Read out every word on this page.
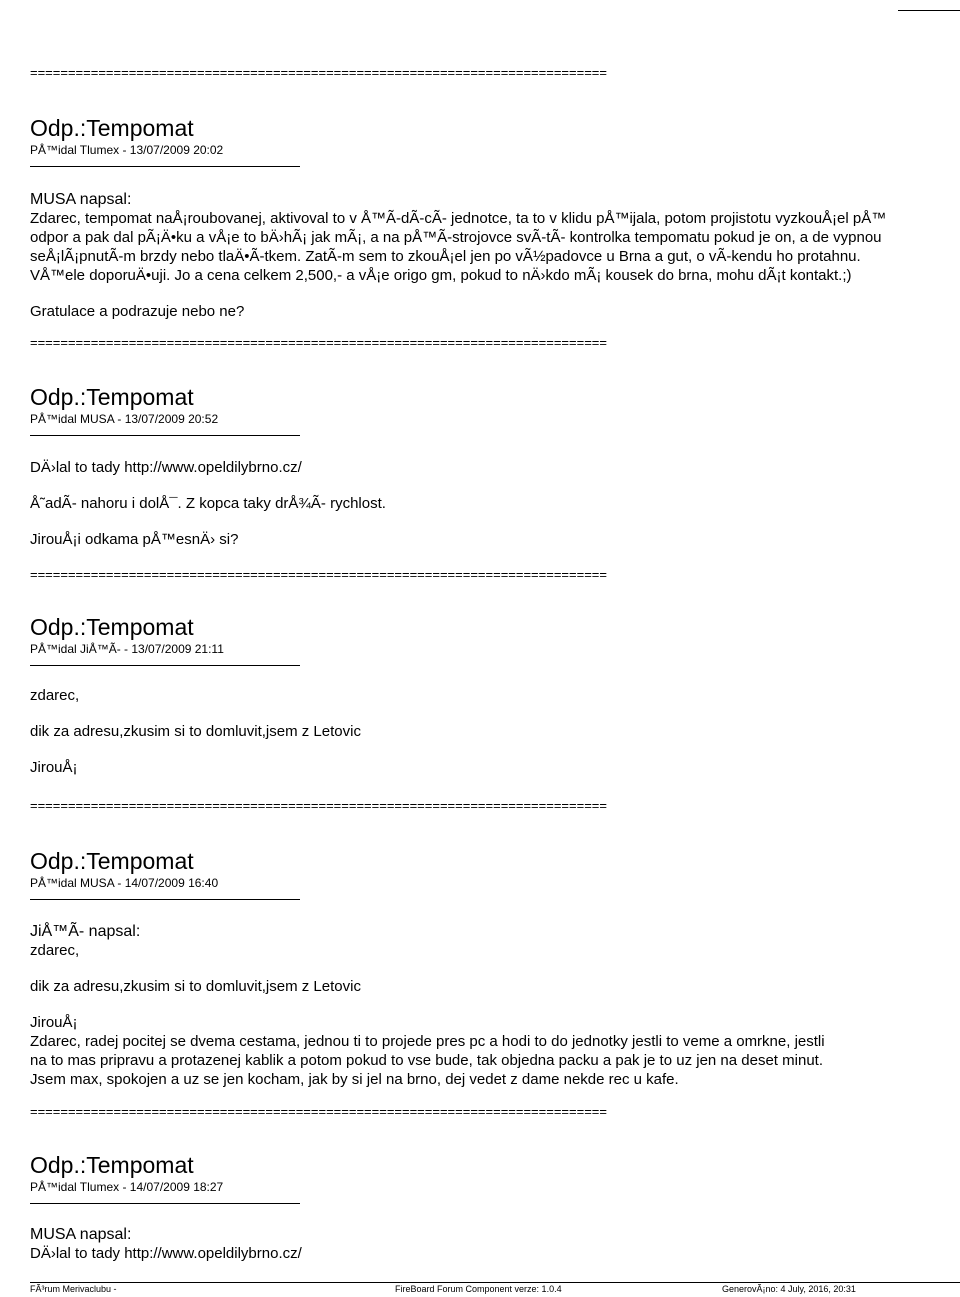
============================================================================
Odp.:Tempomat
PÅ™idal Tlumex - 13/07/2009 20:02
MUSA napsal:
Zdarec, tempomat naÅ¡roubovanej, aktivoval to v Å™Ã-dÃ-cÃ- jednotce, ta to v klidu pÅ™ijala, potom projistotu vyzkouÅ¡el pÅ™
odpor a pak dal pÃ¡Ä•ku a vÅ¡e to bÄ›hÃ¡ jak mÃ¡, a na pÅ™Ã-strojovce svÃ-tÃ- kontrolka tempomatu pokud je on, a de vypnou
seÅ¡lÃ¡pnutÃ-m brzdy nebo tlaÄ•Ã-tkem. ZatÃ-m sem to zkouÅ¡el jen po vÃ½padovce u Brna a gut, o vÃ-kendu ho protahnu.
VÅ™ele doporuÄ•uji. Jo a cena celkem 2,500,- a vÅ¡e origo gm, pokud to nÄ›kdo mÃ¡ kousek do brna, mohu dÃ¡t kontakt.;)
Gratulace a podrazuje nebo ne?
============================================================================
Odp.:Tempomat
PÅ™idal MUSA - 13/07/2009 20:52
DÄ›lal to tady http://www.opeldilybrno.cz/
Å˜adÃ- nahoru i dolÅ¯. Z kopca taky drÅ¾Ã- rychlost.
JirouÅ¡i odkama pÅ™esnÄ› si?
============================================================================
Odp.:Tempomat
PÅ™idal JiÅ™Ã- - 13/07/2009 21:11
zdarec,
dik za adresu,zkusim si to domluvit,jsem z Letovic
JirouÅ¡
============================================================================
Odp.:Tempomat
PÅ™idal MUSA - 14/07/2009 16:40
JiÅ™Ã- napsal:
zdarec,
dik za adresu,zkusim si to domluvit,jsem z Letovic
JirouÅ¡
Zdarec, radej pocitej se dvema cestama, jednou ti to projede pres pc a hodi to do jednotky jestli to veme a omrkne, jestli
na to mas pripravu a protazenej kablik a potom pokud to vse bude, tak objedna packu a pak je to uz jen na deset minut.
Jsem max, spokojen a uz se jen kocham, jak by si jel na brno, dej vedet z dame nekde rec u kafe.
============================================================================
Odp.:Tempomat
PÅ™idal Tlumex - 14/07/2009 18:27
MUSA napsal:
DÄ›lal to tady http://www.opeldilybrno.cz/
FÃ³rum Merivaclubu -	FireBoard Forum Component verze: 1.0.4	GenerovÃ¡no: 4 July, 2016, 20:31
